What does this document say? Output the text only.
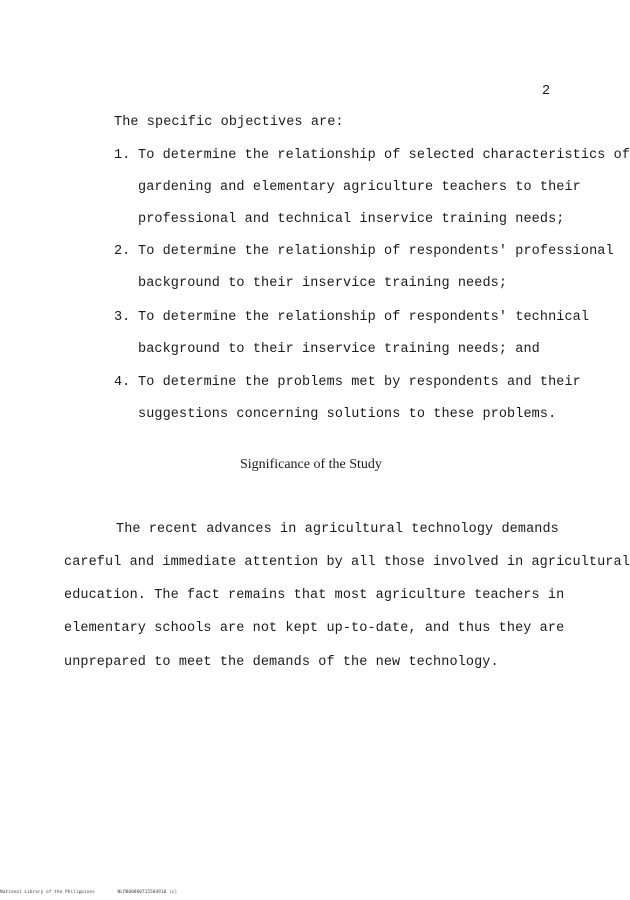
2
The specific objectives are:
1. To determine the relationship of selected characteristics of
gardening and elementary agriculture teachers to their
professional and technical inservice training needs;
2. To determine the relationship of respondents' professional
background to their inservice training needs;
3. To determine the relationship of respondents' technical
background to their inservice training needs; and
4. To determine the problems met by respondents and their
suggestions concerning solutions to these problems.
Significance of the Study
The recent advances in agricultural technology demands
careful and immediate attention by all those involved in agricultural
education. The fact remains that most agriculture teachers in
elementary schools are not kept up-to-date, and thus they are
unprepared to meet the demands of the new technology.
National Library of the Philippines	NLP000000715584910 (c)
